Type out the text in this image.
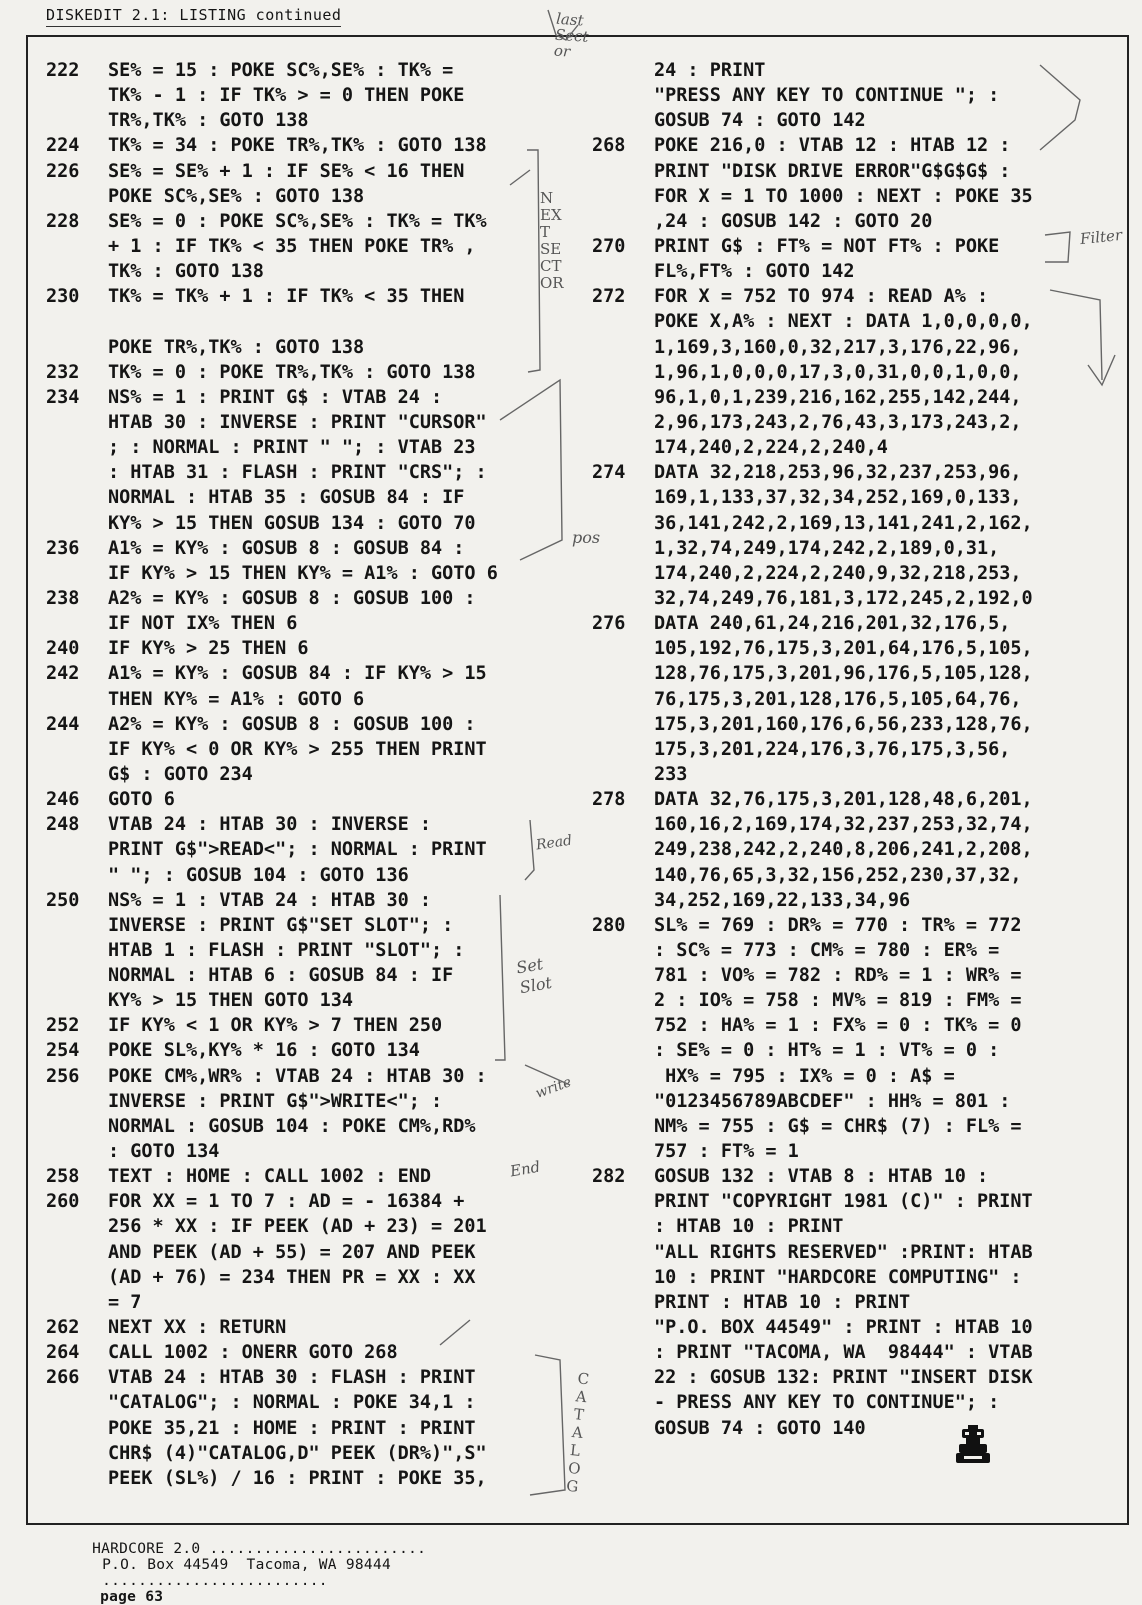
DISKEDIT 2.1: LISTING continued
222 SE% = 15 : POKE SC%,SE% : TK% =
TK% - 1 : IF TK% > = 0 THEN POKE
TR%,TK% : GOTO 138
224 TK% = 34 : POKE TR%,TK% : GOTO 138
226 SE% = SE% + 1 : IF SE% < 16 THEN
POKE SC%,SE% : GOTO 138
228 SE% = 0 : POKE SC%,SE% : TK% = TK%
+ 1 : IF TK% < 35 THEN POKE TR% ,
TK% : GOTO 138
230 TK% = TK% + 1 : IF TK% < 35 THEN
POKE TR%,TK% : GOTO 138
232 TK% = 0 : POKE TR%,TK% : GOTO 138
234 NS% = 1 : PRINT G$ : VTAB 24 :
HTAB 30 : INVERSE : PRINT "CURSOR"
; : NORMAL : PRINT " "; : VTAB 23
: HTAB 31 : FLASH : PRINT "CRS"; :
NORMAL : HTAB 35 : GOSUB 84 : IF
KY% > 15 THEN GOSUB 134 : GOTO 70
236 A1% = KY% : GOSUB 8 : GOSUB 84 :
IF KY% > 15 THEN KY% = A1% : GOTO 6
238 A2% = KY% : GOSUB 8 : GOSUB 100 :
IF NOT IX% THEN 6
240 IF KY% > 25 THEN 6
242 A1% = KY% : GOSUB 84 : IF KY% > 15
THEN KY% = A1% : GOTO 6
244 A2% = KY% : GOSUB 8 : GOSUB 100 :
IF KY% < 0 OR KY% > 255 THEN PRINT
G$ : GOTO 234
246 GOTO 6
248 VTAB 24 : HTAB 30 : INVERSE :
PRINT G$">READ<"; : NORMAL : PRINT
" "; : GOSUB 104 : GOTO 136
250 NS% = 1 : VTAB 24 : HTAB 30 :
INVERSE : PRINT G$"SET SLOT"; :
HTAB 1 : FLASH : PRINT "SLOT"; :
NORMAL : HTAB 6 : GOSUB 84 : IF
KY% > 15 THEN GOTO 134
252 IF KY% < 1 OR KY% > 7 THEN 250
254 POKE SL%,KY% * 16 : GOTO 134
256 POKE CM%,WR% : VTAB 24 : HTAB 30 :
INVERSE : PRINT G$">WRITE<"; :
NORMAL : GOSUB 104 : POKE CM%,RD%
: GOTO 134
258 TEXT : HOME : CALL 1002 : END
260 FOR XX = 1 TO 7 : AD = - 16384 +
256 * XX : IF PEEK (AD + 23) = 201
AND PEEK (AD + 55) = 207 AND PEEK
(AD + 76) = 234 THEN PR = XX : XX
= 7
262 NEXT XX : RETURN
264 CALL 1002 : ONERR GOTO 268
266 VTAB 24 : HTAB 30 : FLASH : PRINT
"CATALOG"; : NORMAL : POKE 34,1 :
POKE 35,21 : HOME : PRINT : PRINT
CHR$ (4)"CATALOG,D" PEEK (DR%)",S"
PEEK (SL%) / 16 : PRINT : POKE 35,
24 : PRINT
"PRESS ANY KEY TO CONTINUE "; :
GOSUB 74 : GOTO 142
268 POKE 216,0 : VTAB 12 : HTAB 12 :
PRINT "DISK DRIVE ERROR"G$G$G$ :
FOR X = 1 TO 1000 : NEXT : POKE 35
,24 : GOSUB 142 : GOTO 20
270 PRINT G$ : FT% = NOT FT% : POKE
FL%,FT% : GOTO 142
272 FOR X = 752 TO 974 : READ A% :
POKE X,A% : NEXT : DATA 1,0,0,0,0,
1,169,3,160,0,32,217,3,176,22,96,
1,96,1,0,0,0,17,3,0,31,0,0,1,0,0,
96,1,0,1,239,216,162,255,142,244,
2,96,173,243,2,76,43,3,173,243,2,
174,240,2,224,2,240,4
274 DATA 32,218,253,96,32,237,253,96,
169,1,133,37,32,34,252,169,0,133,
36,141,242,2,169,13,141,241,2,162,
1,32,74,249,174,242,2,189,0,31,
174,240,2,224,2,240,9,32,218,253,
32,74,249,76,181,3,172,245,2,192,0
276 DATA 240,61,24,216,201,32,176,5,
105,192,76,175,3,201,64,176,5,105,
128,76,175,3,201,96,176,5,105,128,
76,175,3,201,128,176,5,105,64,76,
175,3,201,160,176,6,56,233,128,76,
175,3,201,224,176,3,76,175,3,56,
233
278 DATA 32,76,175,3,201,128,48,6,201,
160,16,2,169,174,32,237,253,32,74,
249,238,242,2,240,8,206,241,2,208,
140,76,65,3,32,156,252,230,37,32,
34,252,169,22,133,34,96
280 SL% = 769 : DR% = 770 : TR% = 772
: SC% = 773 : CM% = 780 : ER% =
781 : VO% = 782 : RD% = 1 : WR% =
2 : IO% = 758 : MV% = 819 : FM% =
752 : HA% = 1 : FX% = 0 : TK% = 0
: SE% = 0 : HT% = 1 : VT% = 0 :
HX% = 795 : IX% = 0 : A$ =
"0123456789ABCDEF" : HH% = 801 :
NM% = 755 : G$ = CHR$ (7) : FL% =
757 : FT% = 1
282 GOSUB 132 : VTAB 8 : HTAB 10 :
PRINT "COPYRIGHT 1981 (C)" : PRINT
: HTAB 10 : PRINT
"ALL RIGHTS RESERVED" :PRINT: HTAB
10 : PRINT "HARDCORE COMPUTING" :
PRINT : HTAB 10 : PRINT
"P.O. BOX 44549" : PRINT : HTAB 10
: PRINT "TACOMA, WA  98444" : VTAB
22 : GOSUB 132: PRINT "INSERT DISK
- PRESS ANY KEY TO CONTINUE"; :
GOSUB 74 : GOTO 140
last Sector
NEXT SECTOR
pos
Read
Set Slot
write
End
CATALOG
Filter

HARDCORE 2.0 ........................
P.O. Box 44549  Tacoma, WA 98444
.........................
page 63
